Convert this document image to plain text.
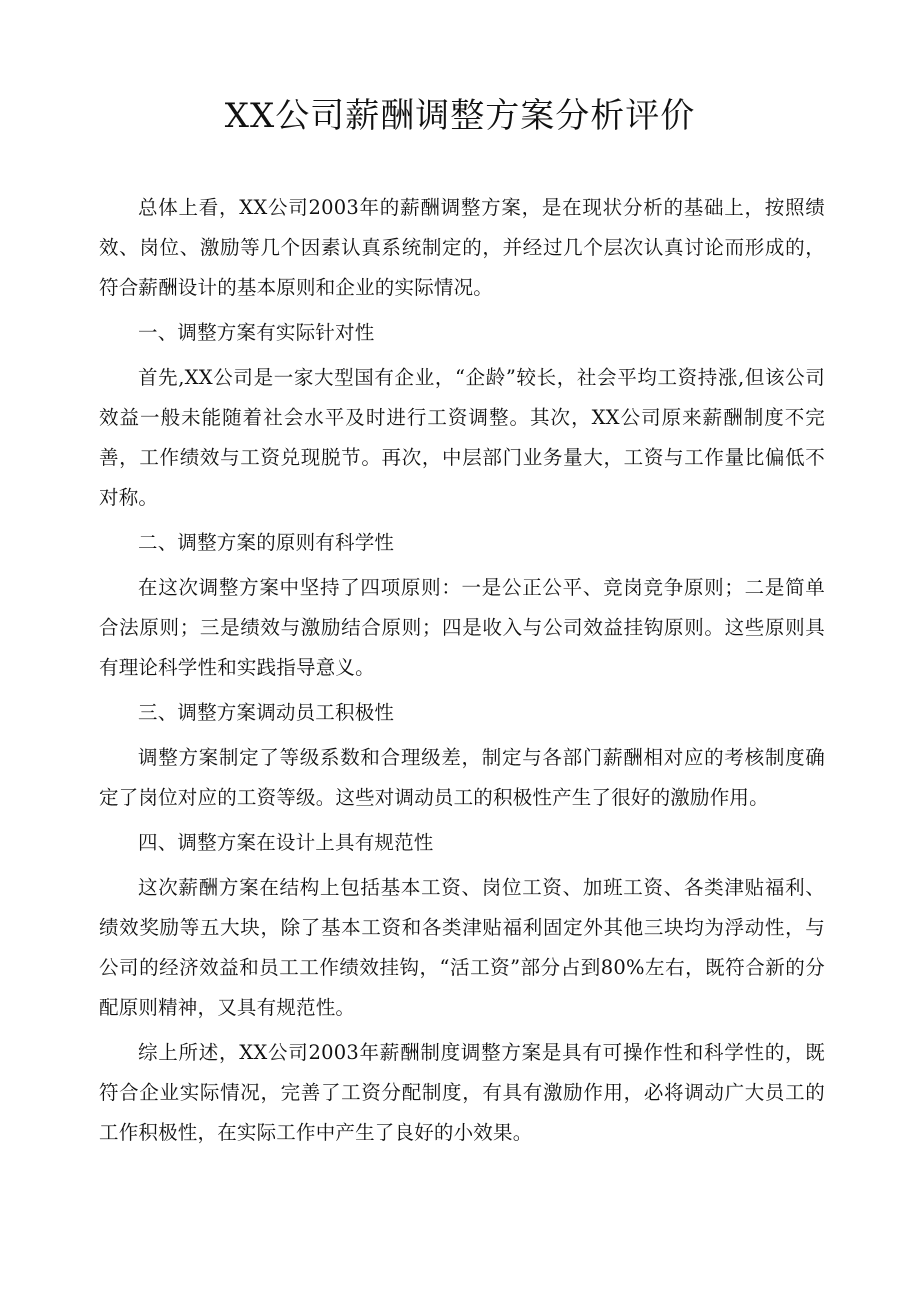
XX公司薪酬调整方案分析评价

总体上看，XX公司2003年的薪酬调整方案，是在现状分析的基础上，按照绩效、岗位、激励等几个因素认真系统制定的，并经过几个层次认真讨论而形成的，符合薪酬设计的基本原则和企业的实际情况。

一、调整方案有实际针对性

首先,XX公司是一家大型国有企业，“企龄”较长，社会平均工资持涨,但该公司效益一般未能随着社会水平及时进行工资调整。其次，XX公司原来薪酬制度不完善，工作绩效与工资兑现脱节。再次，中层部门业务量大，工资与工作量比偏低不对称。

二、调整方案的原则有科学性

在这次调整方案中坚持了四项原则：一是公正公平、竞岗竞争原则；二是简单合法原则；三是绩效与激励结合原则；四是收入与公司效益挂钩原则。这些原则具有理论科学性和实践指导意义。

三、调整方案调动员工积极性

调整方案制定了等级系数和合理级差，制定与各部门薪酬相对应的考核制度确定了岗位对应的工资等级。这些对调动员工的积极性产生了很好的激励作用。

四、调整方案在设计上具有规范性

这次薪酬方案在结构上包括基本工资、岗位工资、加班工资、各类津贴福利、绩效奖励等五大块，除了基本工资和各类津贴福利固定外其他三块均为浮动性，与公司的经济效益和员工工作绩效挂钩，“活工资”部分占到80%左右，既符合新的分配原则精神，又具有规范性。

综上所述，XX公司2003年薪酬制度调整方案是具有可操作性和科学性的，既符合企业实际情况，完善了工资分配制度，有具有激励作用，必将调动广大员工的工作积极性，在实际工作中产生了良好的小效果。
